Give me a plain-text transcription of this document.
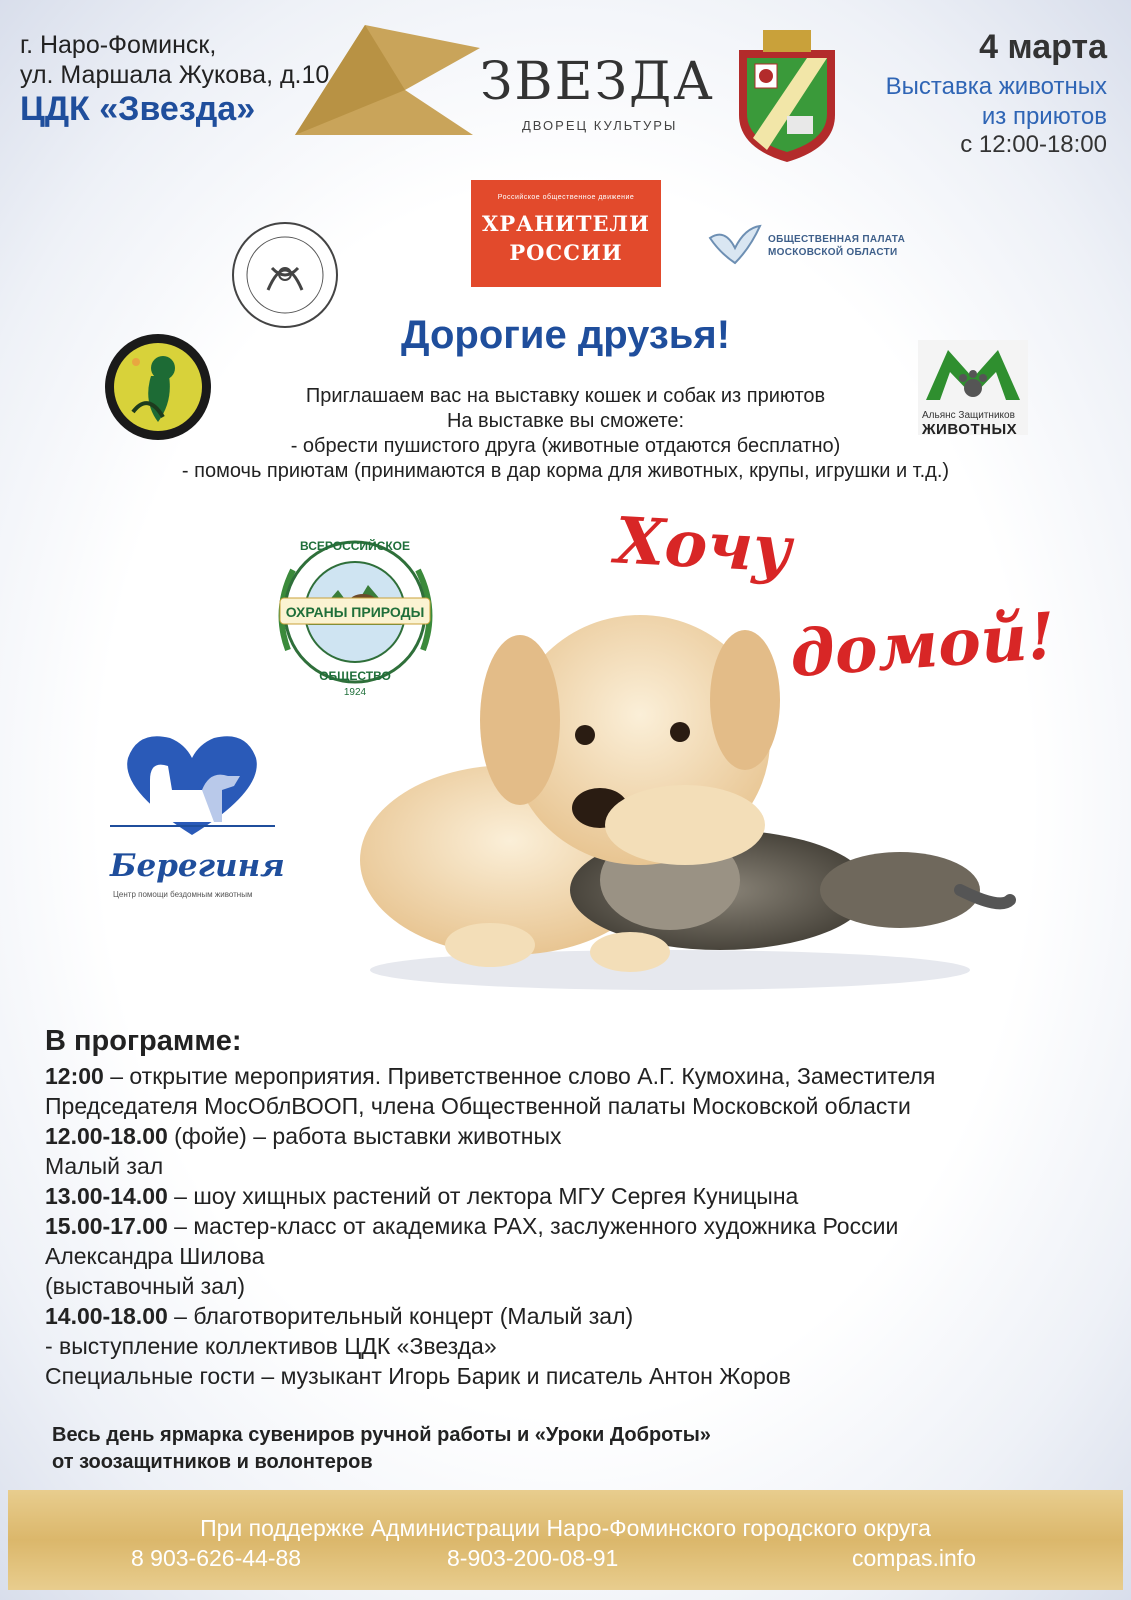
г. Наро-Фоминск,
ул. Маршала Жукова, д.10
ЦДК «Звезда»	ЗВЕЗДА
ДВОРЕЦ КУЛЬТУРЫ
4 марта
Выставка животных
из приютов
с 12:00-18:00
Российское общественное движение
ХРАНИТЕЛИ
РОССИИ
ОБЩЕСТВЕННАЯ ПАЛАТА
МОСКОВСКОЙ ОБЛАСТИ
Альянс Защитников
ЖИВОТНЫХ
Дорогие друзья!
Приглашаем вас на выставку кошек и собак из приютов
На выставке вы сможете:
- обрести пушистого друга (животные отдаются бесплатно)
- помочь приютам (принимаются в дар корма для животных, крупы, игрушки и т.д.)
ОХРАНЫ ПРИРОДЫ
ВСЕРОССИЙСКОЕ
ОБЩЕСТВО
1924
Берегиня
Центр помощи бездомным животным
Хочу
домой!
В программе:
12:00 – открытие мероприятия. Приветственное слово А.Г. Кумохина, Заместителя
Председателя МосОблВООП, члена Общественной палаты Московской области
12.00-18.00 (фойе) – работа выставки животных
Малый зал
13.00-14.00 – шоу хищных растений от лектора МГУ Сергея Куницына
15.00-17.00 – мастер-класс от академика РАХ, заслуженного художника России
Александра Шилова
(выставочный зал)
14.00-18.00 – благотворительный концерт (Малый зал)
- выступление коллективов ЦДК «Звезда»
Специальные гости – музыкант Игорь Барик и писатель Антон Жоров
Весь день ярмарка сувениров ручной работы и «Уроки Доброты»
от зоозащитников и волонтеров
При поддержке Администрации Наро-Фоминского городского округа
8 903-626-44-88	8-903-200-08-91	compas.info
